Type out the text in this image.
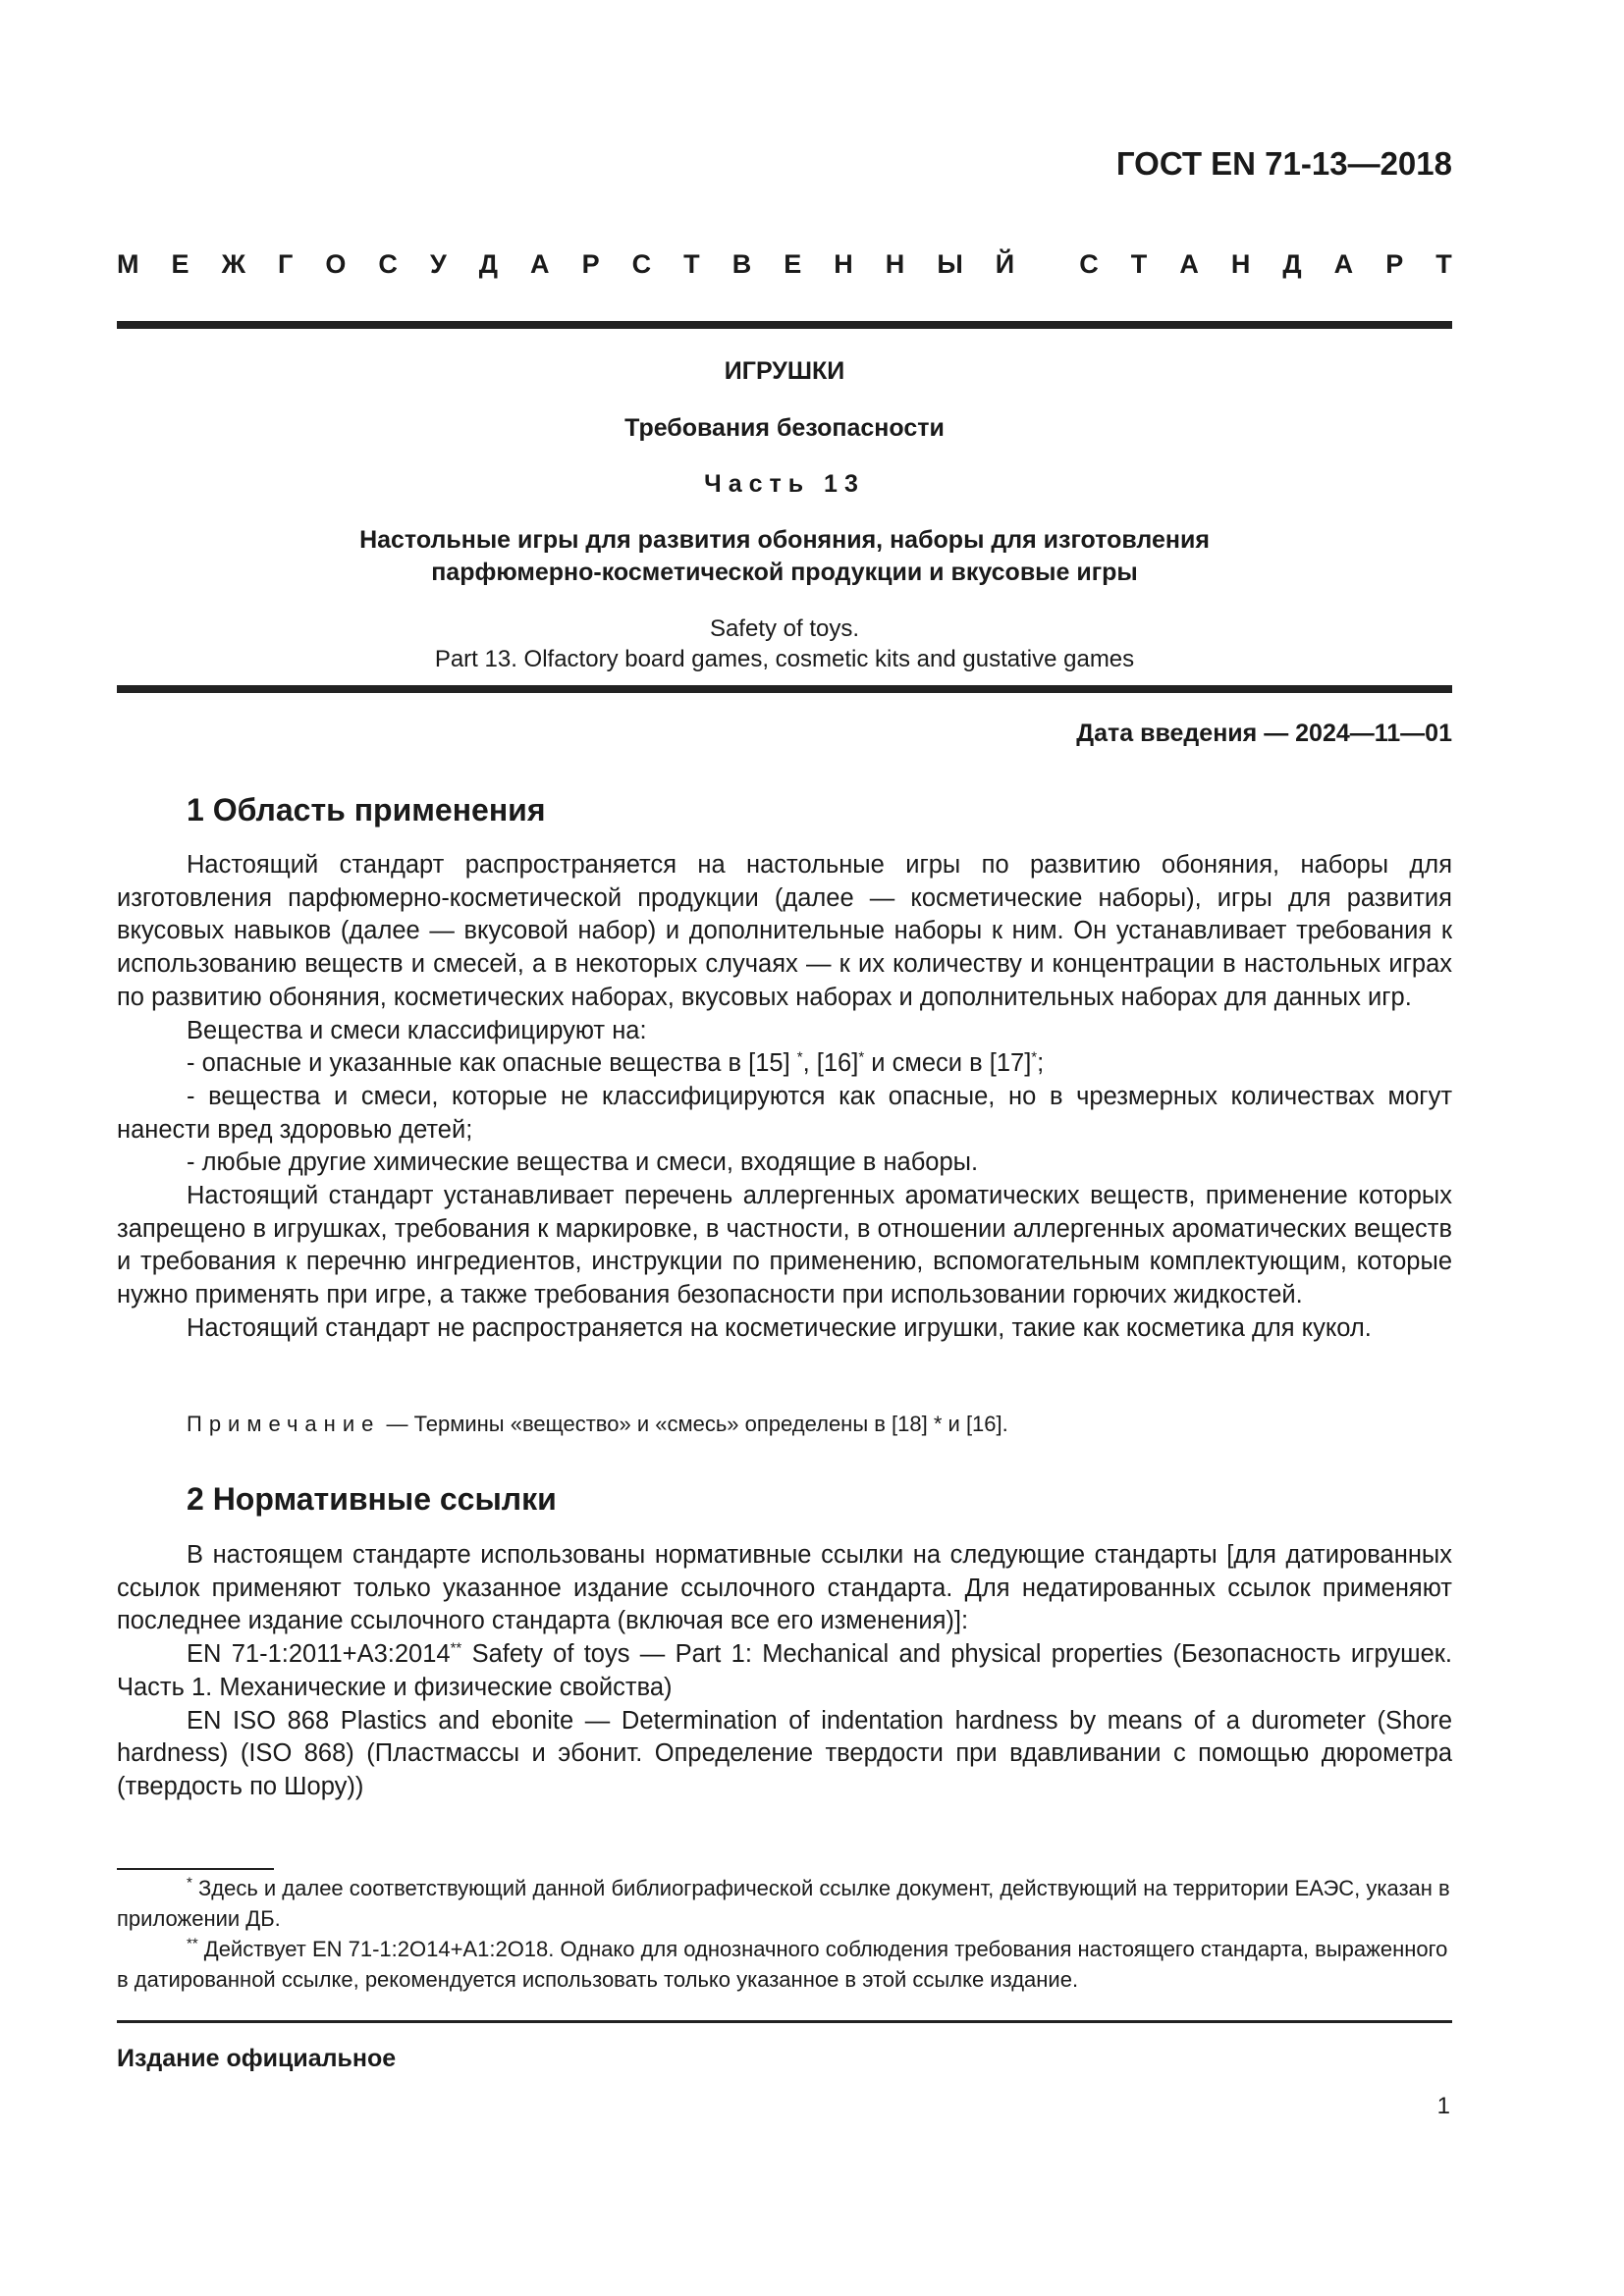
ГОСТ EN 71-13—2018
М Е Ж Г О С У Д А Р С Т В Е Н Н Ы Й С Т А Н Д А Р Т
ИГРУШКИ
Требования безопасности
Часть 13
Настольные игры для развития обоняния, наборы для изготовления
парфюмерно-косметической продукции и вкусовые игры
Safety of toys.
Part 13. Olfactory board games, cosmetic kits and gustative games
Дата введения — 2024—11—01
1 Область применения

Настоящий стандарт распространяется на настольные игры по развитию обоняния, наборы для изготовления парфюмерно-косметической продукции (далее — косметические наборы), игры для развития вкусовых навыков (далее — вкусовой набор) и дополнительные наборы к ним. Он устанавливает требования к использованию веществ и смесей, а в некоторых случаях — к их количеству и концентрации в настольных играх по развитию обоняния, косметических наборах, вкусовых наборах и дополнительных наборах для данных игр.

Вещества и смеси классифицируют на:

- опасные и указанные как опасные вещества в [15] *, [16]* и смеси в [17]*;

- вещества и смеси, которые не классифицируются как опасные, но в чрезмерных количествах могут нанести вред здоровью детей;

- любые другие химические вещества и смеси, входящие в наборы.

Настоящий стандарт устанавливает перечень аллергенных ароматических веществ, применение которых запрещено в игрушках, требования к маркировке, в частности, в отношении аллергенных ароматических веществ и требования к перечню ингредиентов, инструкции по применению, вспомогательным комплектующим, которые нужно применять при игре, а также требования безопасности при использовании горючих жидкостей.

Настоящий стандарт не распространяется на косметические игрушки, такие как косметика для кукол.

Примечание — Термины «вещество» и «смесь» определены в [18] * и [16].
2 Нормативные ссылки

В настоящем стандарте использованы нормативные ссылки на следующие стандарты [для датированных ссылок применяют только указанное издание ссылочного стандарта. Для недатированных ссылок применяют последнее издание ссылочного стандарта (включая все его изменения)]:

EN 71-1:2011+A3:2014** Safety of toys — Part 1: Mechanical and physical properties (Безопасность игрушек. Часть 1. Механические и физические свойства)

EN ISO 868 Plastics and ebonite — Determination of indentation hardness by means of a durometer (Shore hardness) (ISO 868) (Пластмассы и эбонит. Определение твердости при вдавливании с помощью дюрометра (твердость по Шору))

* Здесь и далее соответствующий данной библиографической ссылке документ, действующий на территории ЕАЭС, указан в приложении ДБ.

** Действует EN 71-1:2O14+A1:2O18. Однако для однозначного соблюдения требования настоящего стандарта, выраженного в датированной ссылке, рекомендуется использовать только указанное в этой ссылке издание.

Издание официальное
1
